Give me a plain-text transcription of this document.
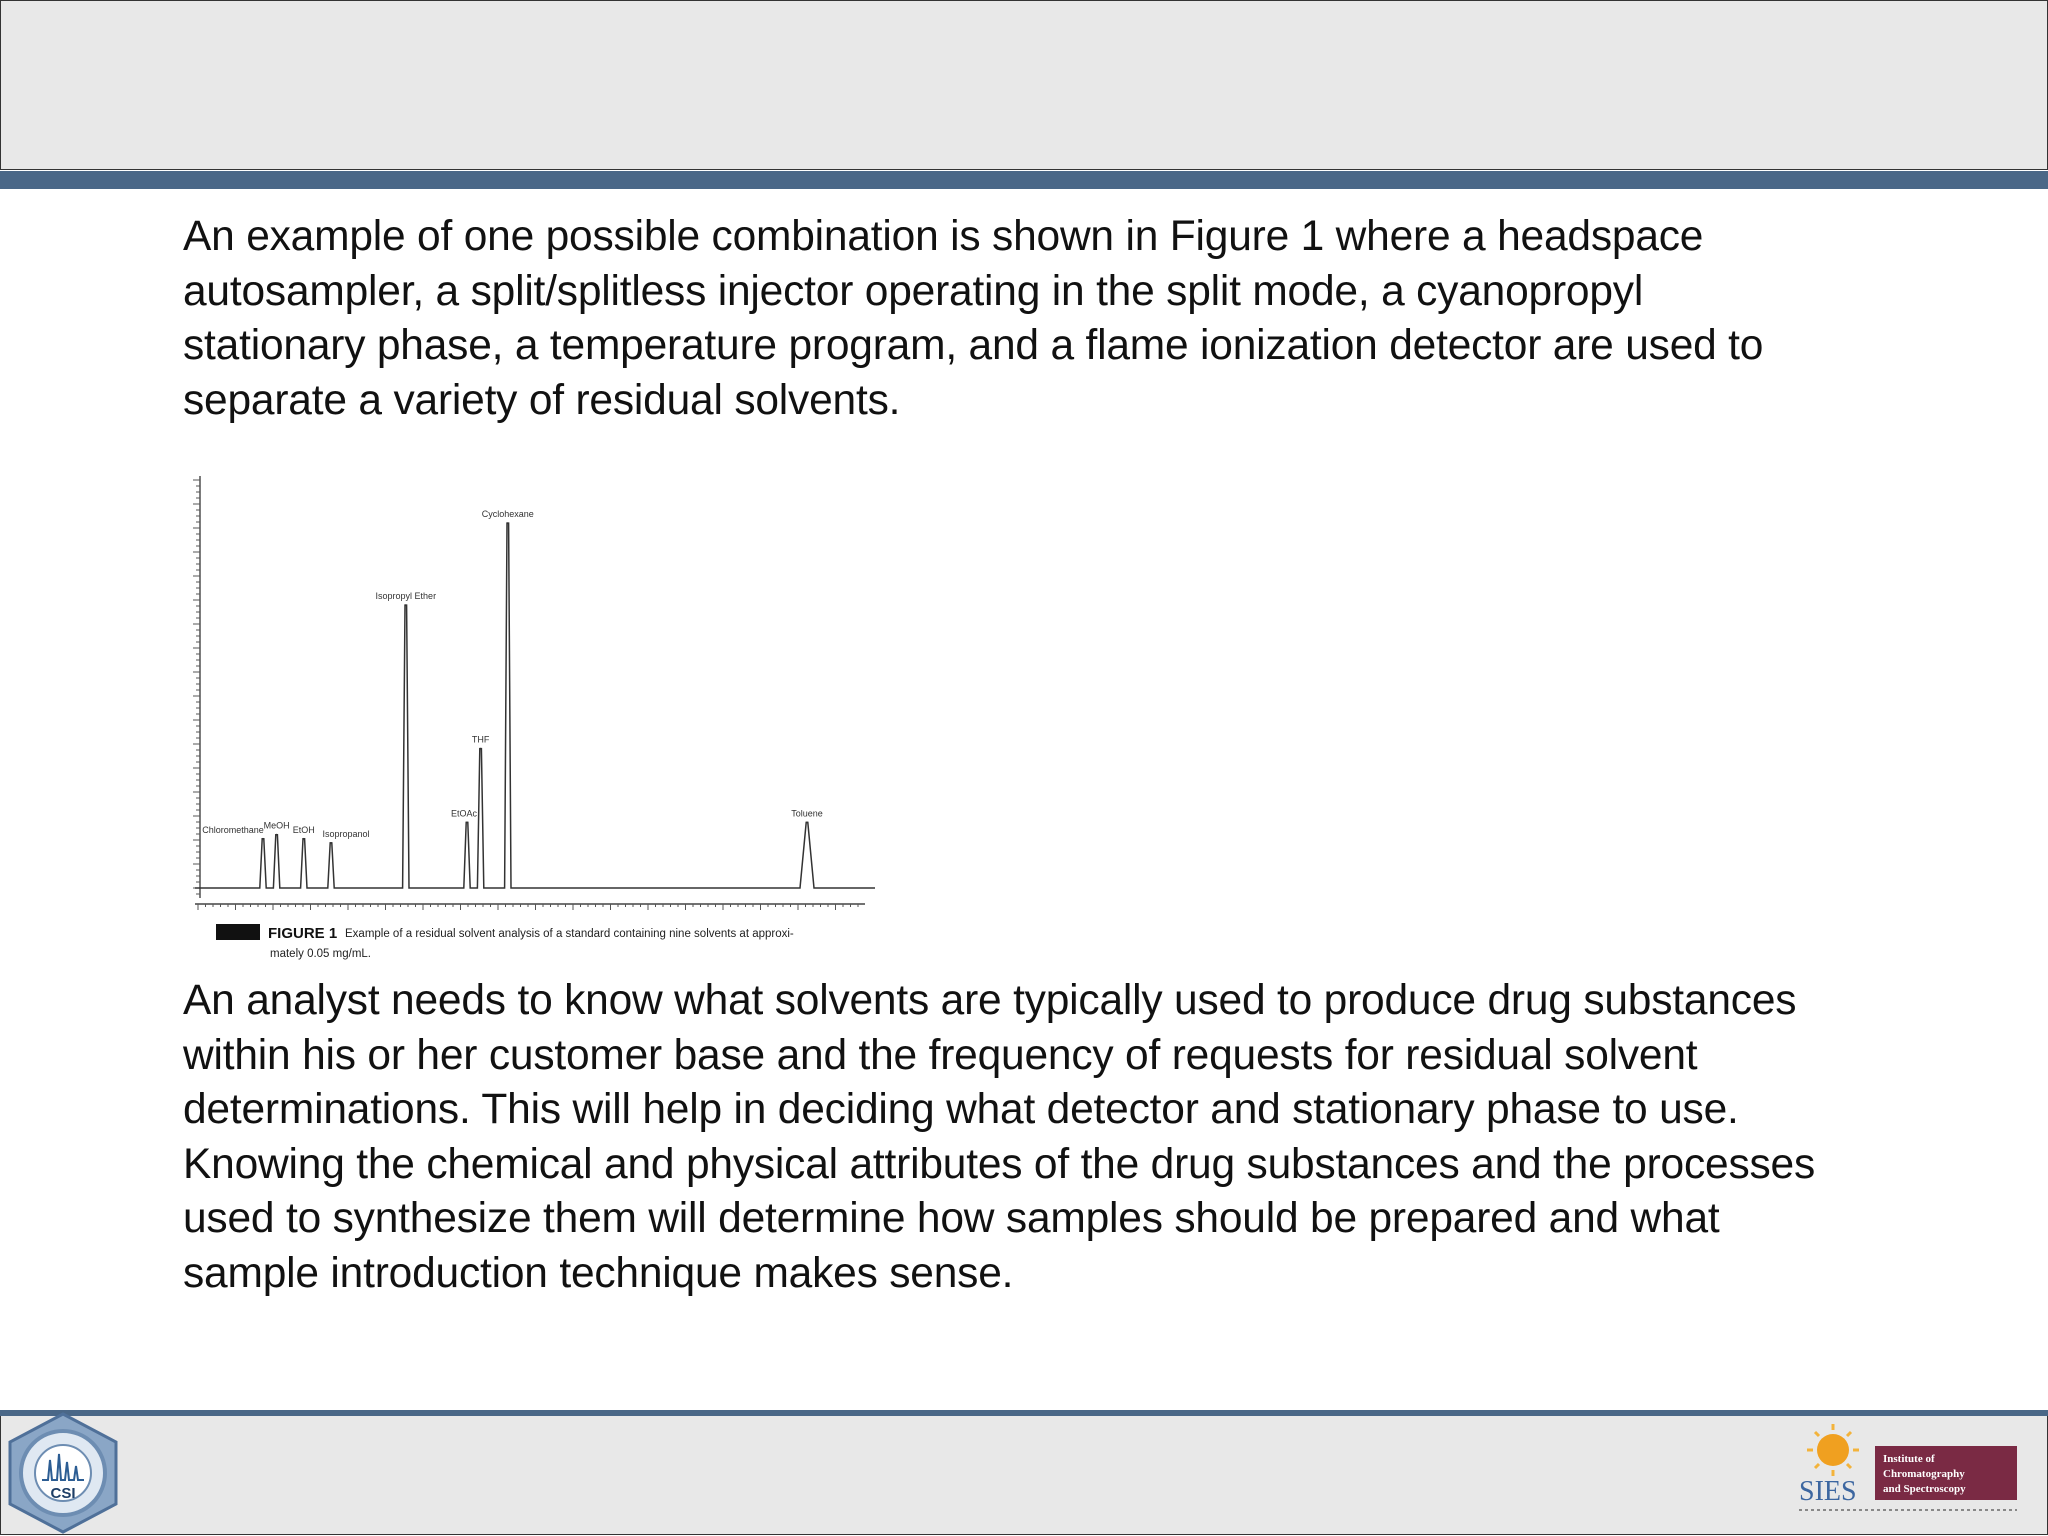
An example of one possible combination is shown in Figure 1 where a headspace autosampler, a split/splitless injector operating in the split mode, a cyanopropyl stationary phase, a temperature program, and a flame ionization detector are used to separate a variety of residual solvents.

Chloromethane MeOH EtOH Isopropanol
Isopropyl Ether
EtOAc
THF
Cyclohexane
Toluene
FIGURE 1 Example of a residual solvent analysis of a standard containing nine solvents at approxi-
mately 0.05 mg/mL.

An analyst needs to know what solvents are typically used to produce drug substances within his or her customer base and the frequency of requests for residual solvent determinations. This will help in deciding what detector and stationary phase to use. Knowing the chemical and physical attributes of the drug substances and the processes used to synthesize them will determine how samples should be prepared and what sample introduction technique makes sense.

CSI	SIES
Institute of
Chromatography
and Spectroscopy
